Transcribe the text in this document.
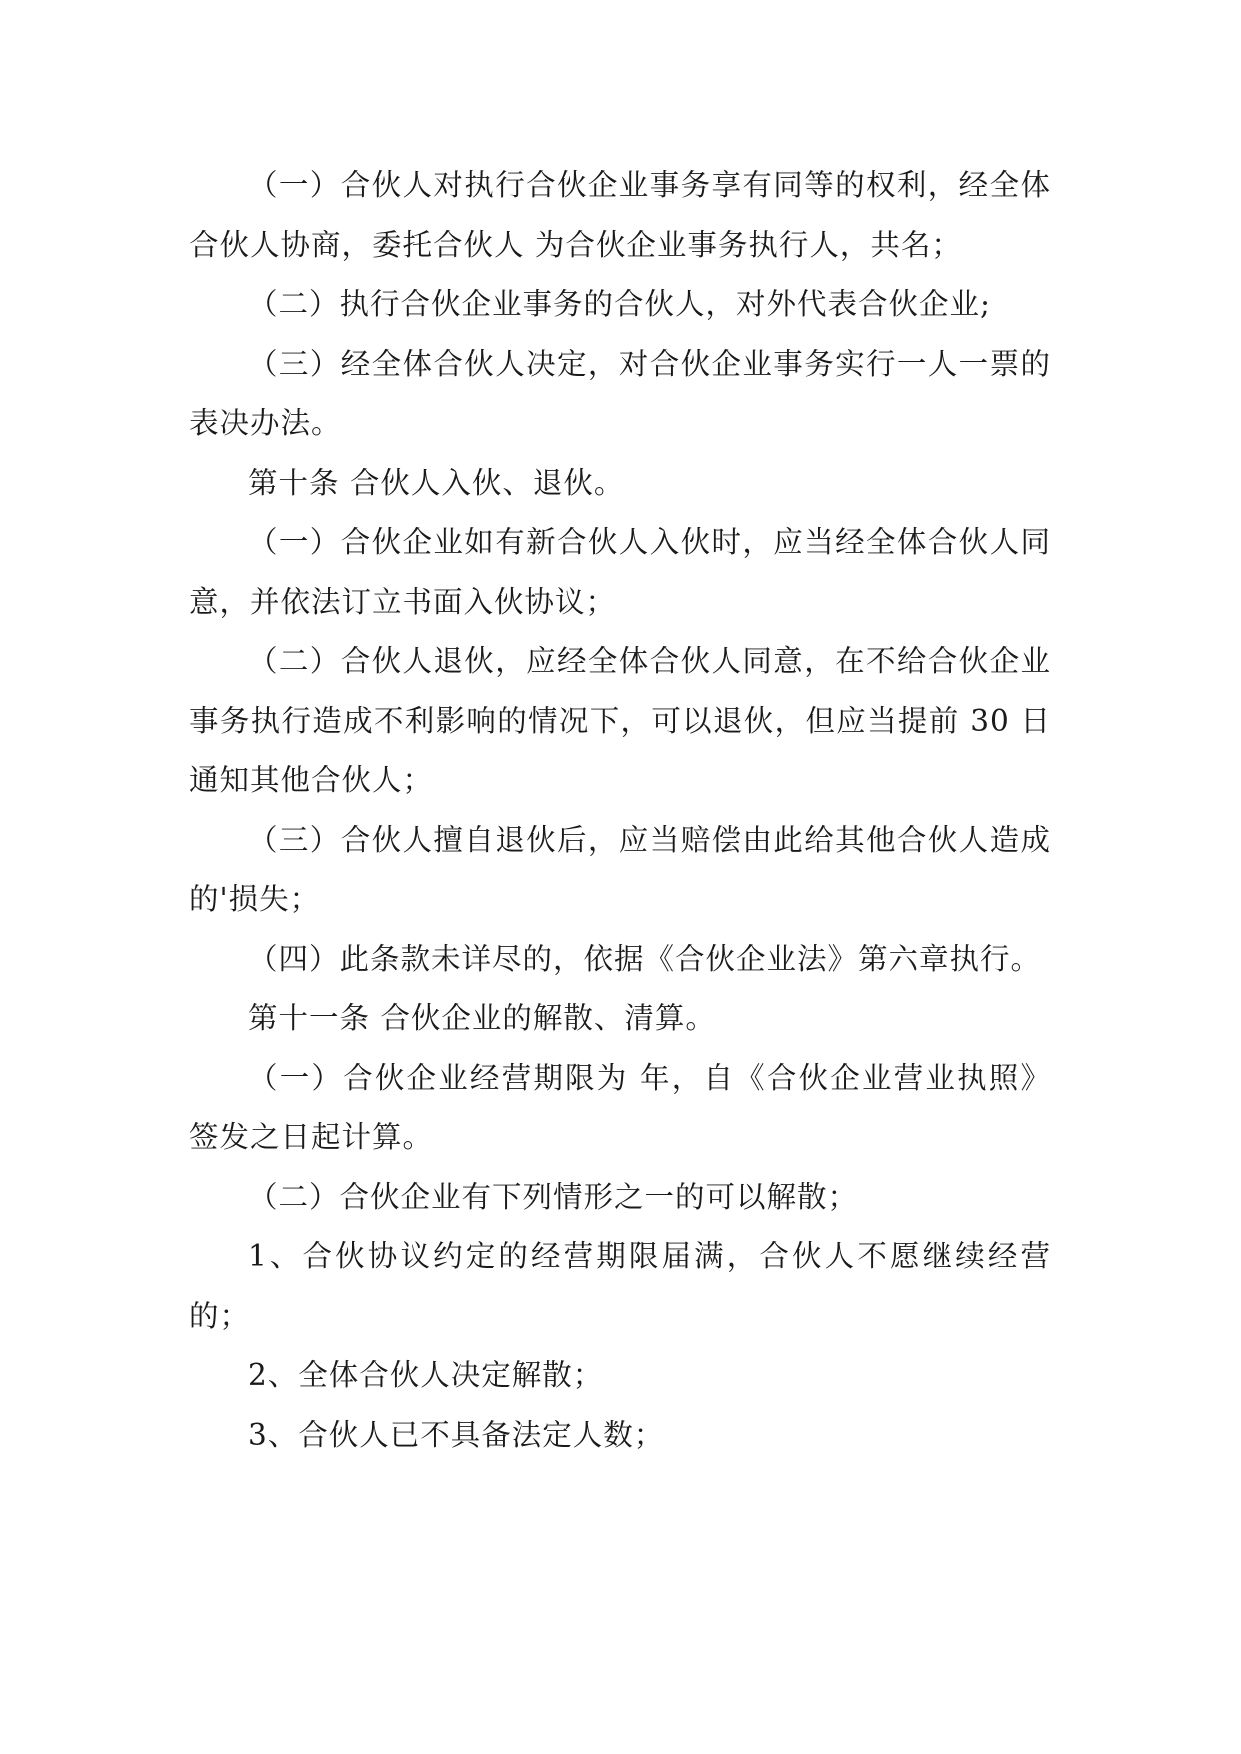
（一）合伙人对执行合伙企业事务享有同等的权利，经全体合伙人协商，委托合伙人 为合伙企业事务执行人，共名；

（二）执行合伙企业事务的合伙人，对外代表合伙企业;

（三）经全体合伙人决定，对合伙企业事务实行一人一票的表决办法。

第十条 合伙人入伙、退伙。

（一）合伙企业如有新合伙人入伙时，应当经全体合伙人同意，并依法订立书面入伙协议；

（二）合伙人退伙，应经全体合伙人同意，在不给合伙企业事务执行造成不利影响的情况下，可以退伙，但应当提前 30 日通知其他合伙人；

（三）合伙人擅自退伙后，应当赔偿由此给其他合伙人造成的'损失；

（四）此条款未详尽的，依据《合伙企业法》第六章执行。

第十一条 合伙企业的解散、清算。

（一）合伙企业经营期限为 年，自《合伙企业营业执照》签发之日起计算。

（二）合伙企业有下列情形之一的可以解散；

1、合伙协议约定的经营期限届满，合伙人不愿继续经营的；

2、全体合伙人决定解散；

3、合伙人已不具备法定人数；
